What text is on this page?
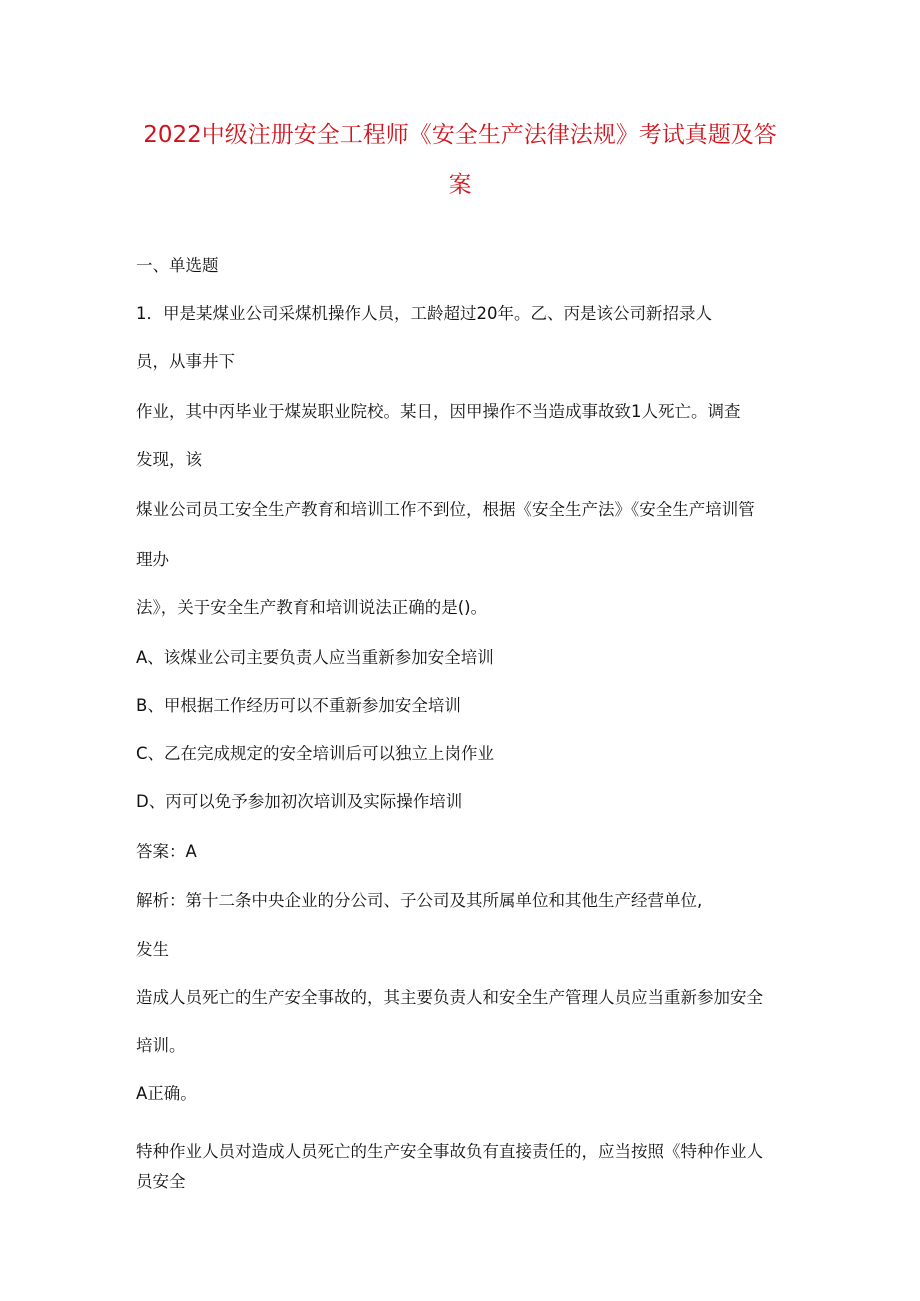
2022中级注册安全工程师《安全生产法律法规》考试真题及答
案
一、单选题
1．甲是某煤业公司采煤机操作人员，工龄超过20年。乙、丙是该公司新招录人
员，从事井下
作业，其中丙毕业于煤炭职业院校。某日，因甲操作不当造成事故致1人死亡。调查
发现，该
煤业公司员工安全生产教育和培训工作不到位，根据《安全生产法》《安全生产培训管
理办
法》，关于安全生产教育和培训说法正确的是()。
A、该煤业公司主要负责人应当重新参加安全培训
B、甲根据工作经历可以不重新参加安全培训
C、乙在完成规定的安全培训后可以独立上岗作业
D、丙可以免予参加初次培训及实际操作培训
答案：A
解析：第十二条中央企业的分公司、子公司及其所属单位和其他生产经营单位,
发生
造成人员死亡的生产安全事故的，其主要负责人和安全生产管理人员应当重新参加安全
培训。
A正确。
特种作业人员对造成人员死亡的生产安全事故负有直接责任的，应当按照《特种作业人
员安全
